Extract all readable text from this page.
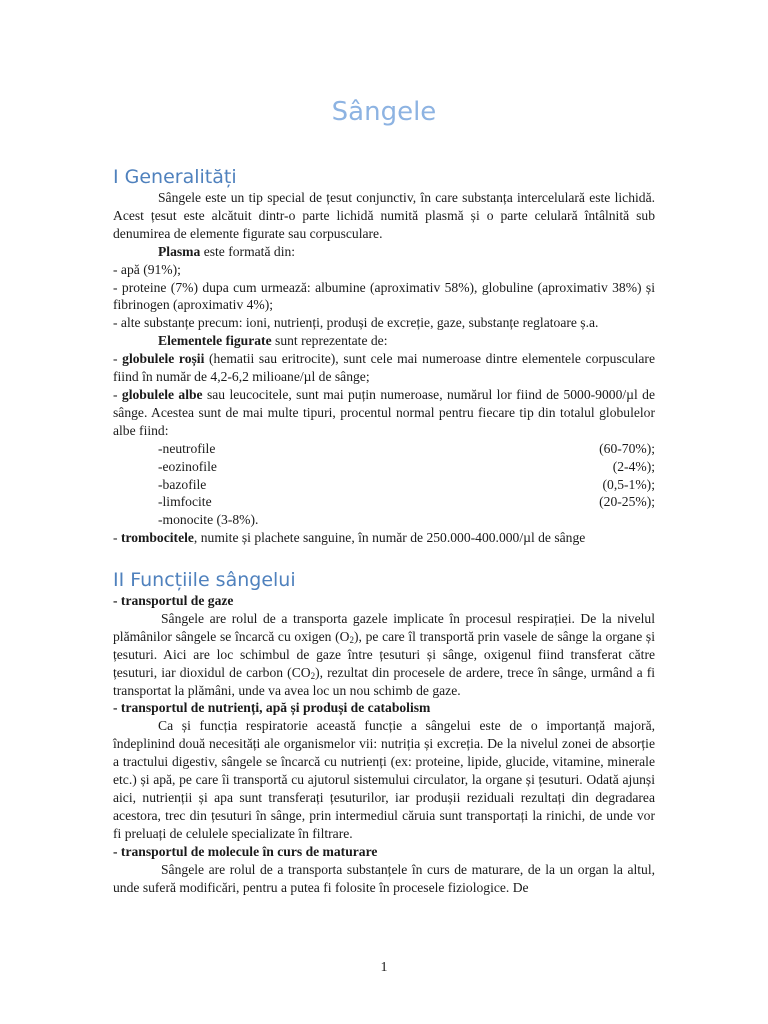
Sângele
I Generalități

Sângele este un tip special de țesut conjunctiv, în care substanța intercelulară este lichidă. Acest țesut este alcătuit dintr-o parte lichidă numită plasmă și o parte celulară întâlnită sub denumirea de elemente figurate sau corpusculare.

Plasma este formată din:

- apă (91%);

- proteine (7%) dupa cum urmează: albumine (aproximativ 58%), globuline (aproximativ 38%) și fibrinogen (aproximativ 4%);

- alte substanțe precum: ioni, nutrienți, produși de excreție, gaze, substanțe reglatoare ș.a.

Elementele figurate sunt reprezentate de:

- globulele roșii (hematii sau eritrocite), sunt cele mai numeroase dintre elementele corpusculare fiind în număr de 4,2-6,2 milioane/µl de sânge;

- globulele albe sau leucocitele, sunt mai puțin numeroase, numărul lor fiind de 5000-9000/µl de sânge. Acestea sunt de mai multe tipuri, procentul normal pentru fiecare tip din totalul globulelor albe fiind:

-neutrofile	(60-70%);
-eozinofile	(2-4%);
-bazofile	(0,5-1%);
-limfocite	(20-25%);
-monocite (3-8%).

- trombocitele, numite și plachete sanguine, în număr de 250.000-400.000/µl de sânge

II Funcțiile sângelui

- transportul de gaze

Sângele are rolul de a transporta gazele implicate în procesul respirației. De la nivelul plămânilor sângele se încarcă cu oxigen $(O_2)$, pe care îl transportă prin vasele de sânge la organe și țesuturi. Aici are loc schimbul de gaze între țesuturi și sânge, oxigenul fiind transferat către țesuturi, iar dioxidul de carbon $(CO_2)$, rezultat din procesele de ardere, trece în sânge, urmând a fi transportat la plămâni, unde va avea loc un nou schimb de gaze.

- transportul de nutrienți, apă și produși de catabolism

Ca și funcția respiratorie această funcție a sângelui este de o importanță majoră, îndeplinind două necesități ale organismelor vii: nutriția și excreția. De la nivelul zonei de absorție a tractului digestiv, sângele se încarcă cu nutrienți (ex: proteine, lipide, glucide, vitamine, minerale etc.) și apă, pe care îi transportă cu ajutorul sistemului circulator, la organe și țesuturi. Odată ajunși aici, nutrienții și apa sunt transferați țesuturilor, iar produșii reziduali rezultați din degradarea acestora, trec din țesuturi în sânge, prin intermediul căruia sunt transportați la rinichi, de unde vor fi preluați de celulele specializate în filtrare.

- transportul de molecule în curs de maturare

Sângele are rolul de a transporta substanțele în curs de maturare, de la un organ la altul, unde suferă modificări, pentru a putea fi folosite în procesele fiziologice. De

1
